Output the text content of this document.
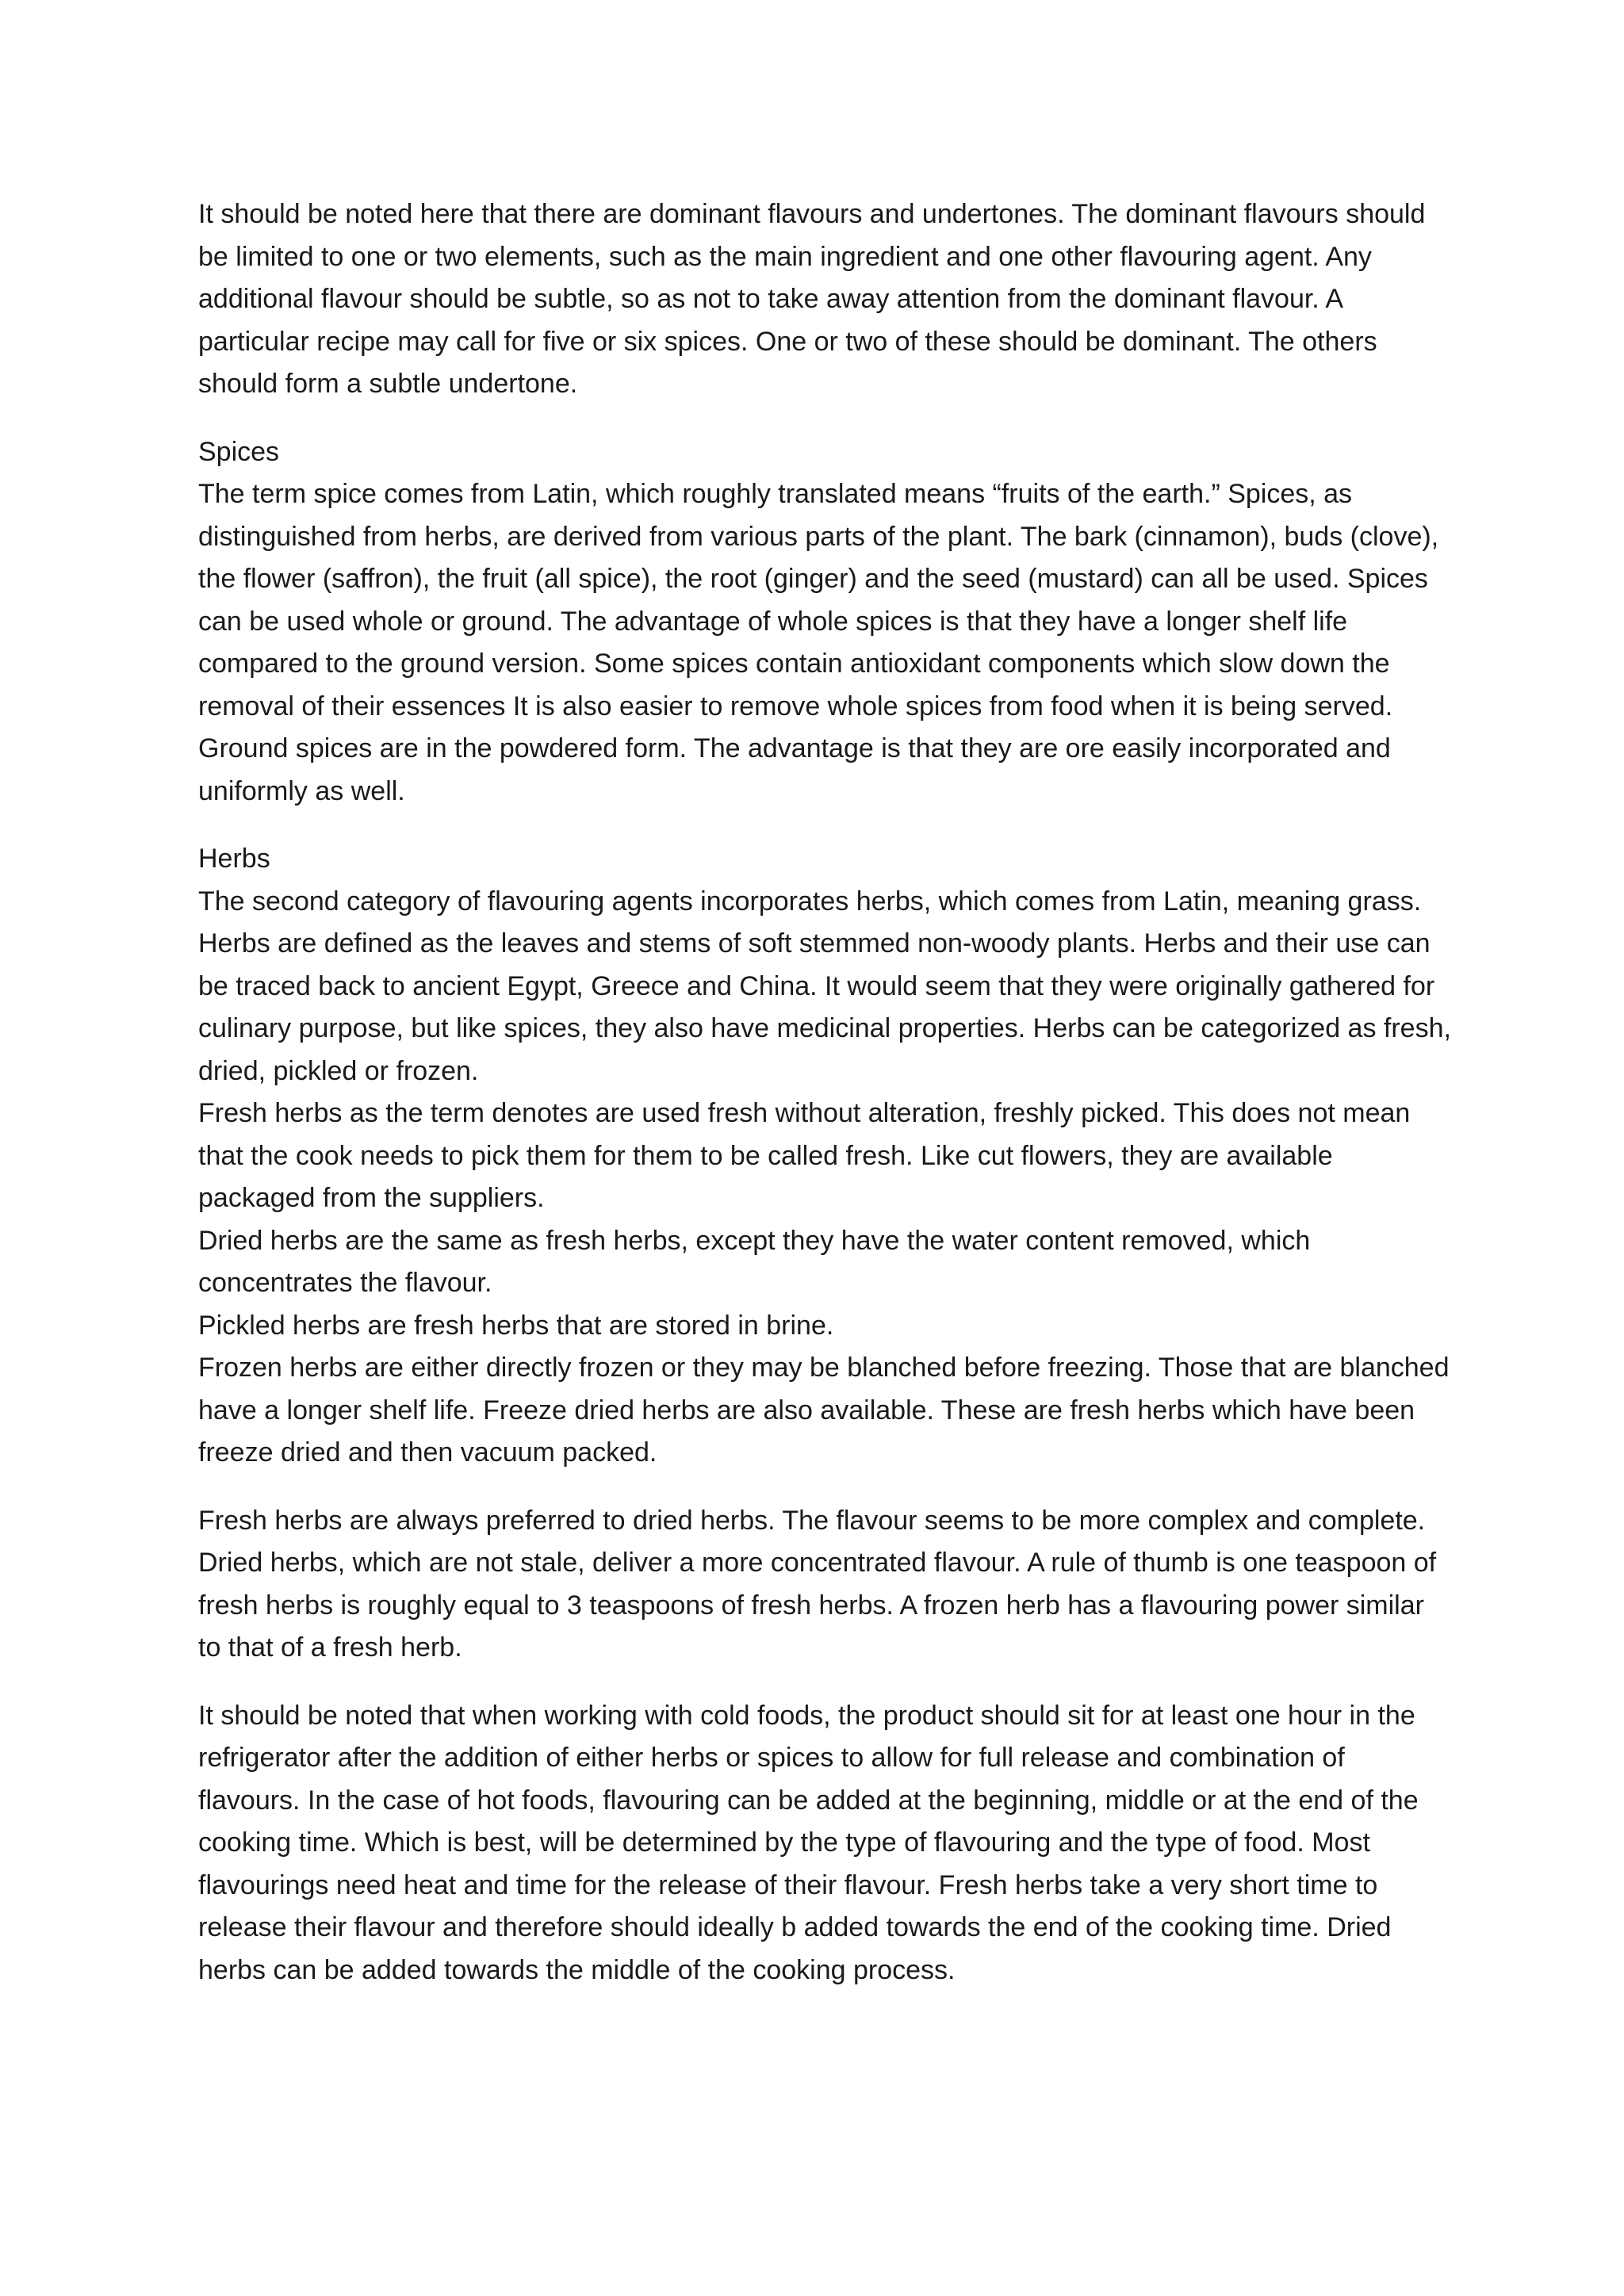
It should be noted here that there are dominant flavours and undertones. The dominant flavours should be limited to one or two elements, such as the main ingredient and one other flavouring agent. Any additional flavour should be subtle, so as not to take away attention from the dominant flavour. A particular recipe may call for five or six spices. One or two of these should be dominant. The others should form a subtle undertone.

Spices

The term spice comes from Latin, which roughly translated means “fruits of the earth.” Spices, as distinguished from herbs, are derived from various parts of the plant. The bark (cinnamon), buds (clove), the flower (saffron), the fruit (all spice), the root (ginger) and the seed (mustard) can all be used. Spices can be used whole or ground. The advantage of whole spices is that they have a longer shelf life compared to the ground version. Some spices contain antioxidant components which slow down the removal of their essences It is also easier to remove whole spices from food when it is being served. Ground spices are in the powdered form. The advantage is that they are ore easily incorporated and uniformly as well.

Herbs

The second category of flavouring agents incorporates herbs, which comes from Latin, meaning grass. Herbs are defined as the leaves and stems of soft stemmed non-woody plants. Herbs and their use can be traced back to ancient Egypt, Greece and China. It would seem that they were originally gathered for culinary purpose, but like spices, they also have medicinal properties. Herbs can be categorized as fresh, dried, pickled or frozen.

Fresh herbs as the term denotes are used fresh without alteration, freshly picked. This does not mean that the cook needs to pick them for them to be called fresh. Like cut flowers, they are available packaged from the suppliers.

Dried herbs are the same as fresh herbs, except they have the water content removed, which concentrates the flavour.

Pickled herbs are fresh herbs that are stored in brine.

Frozen herbs are either directly frozen or they may be blanched before freezing. Those that are blanched have a longer shelf life. Freeze dried herbs are also available. These are fresh herbs which have been freeze dried and then vacuum packed.

Fresh herbs are always preferred to dried herbs. The flavour seems to be more complex and complete. Dried herbs, which are not stale, deliver a more concentrated flavour. A rule of thumb is one teaspoon of fresh herbs is roughly equal to 3 teaspoons of fresh herbs. A frozen herb has a flavouring power similar to that of a fresh herb.

It should be noted that when working with cold foods, the product should sit for at least one hour in the refrigerator after the addition of either herbs or spices to allow for full release and combination of flavours. In the case of hot foods, flavouring can be added at the beginning, middle or at the end of the cooking time. Which is best, will be determined by the type of flavouring and the type of food. Most flavourings need heat and time for the release of their flavour. Fresh herbs take a very short time to release their flavour and therefore should ideally b added towards the end of the cooking time. Dried herbs can be added towards the middle of the cooking process.
